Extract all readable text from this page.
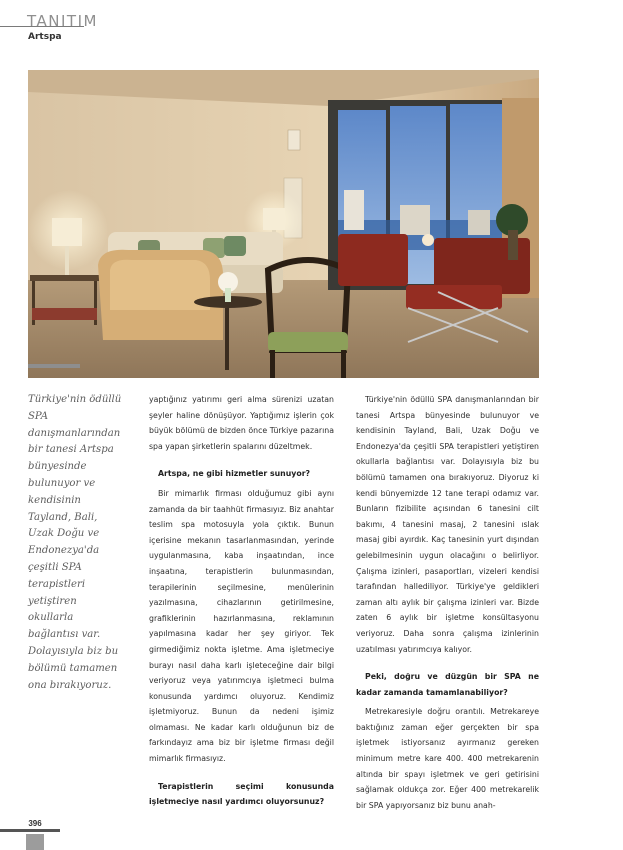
TANITIM
Artspa

Türkiye'nin ödüllü SPA danışmanlarından bir tanesi Artspa bünyesinde bulunuyor ve kendisinin Tayland, Bali, Uzak Doğu ve Endonezya'da çeşitli SPA terapistleri yetiştiren okullarla bağlantısı var. Dolayısıyla biz bu bölümü tamamen ona bırakıyoruz.

yaptığınız yatırımı geri alma sürenizi uzatan şeyler haline dönüşüyor. Yaptığımız işlerin çok büyük bölümü de bizden önce Türkiye pazarına spa yapan şirketlerin spalarını düzeltmek.

Artspa, ne gibi hizmetler sunuyor?

Bir mimarlık firması olduğumuz gibi aynı zamanda da bir taahhüt firmasıyız. Biz anahtar teslim spa motosuyla yola çıktık. Bunun içerisine mekanın tasarlanmasından, yerinde uygulanmasına, kaba inşaatından, ince inşaatına, terapistlerin bulunmasından, terapilerinin seçilmesine, menülerinin yazılmasına, cihazlarının getirilmesine, grafiklerinin hazırlanmasına, reklamının yapılmasına kadar her şey giriyor. Tek girmediğimiz nokta işletme. Ama işletmeciye burayı nasıl daha karlı işleteceğine dair bilgi veriyoruz veya yatırımcıya işletmeci bulma konusunda yardımcı oluyoruz. Kendimiz işletmiyoruz. Bunun da nedeni işimiz olmaması. Ne kadar karlı olduğunun biz de farkındayız ama biz bir işletme firması değil mimarlık firmasıyız.

Terapistlerin seçimi konusunda işletmeciye nasıl yardımcı oluyorsunuz?

Türkiye'nin ödüllü SPA danışmanlarından bir tanesi Artspa bünyesinde bulunuyor ve kendisinin Tayland, Bali, Uzak Doğu ve Endonezya'da çeşitli SPA terapistleri yetiştiren okullarla bağlantısı var. Dolayısıyla biz bu bölümü tamamen ona bırakıyoruz. Diyoruz ki kendi bünyemizde 12 tane terapi odamız var. Bunların fizibilite açısından 6 tanesini cilt bakımı, 4 tanesini masaj, 2 tanesini ıslak masaj gibi ayırdık. Kaç tanesinin yurt dışından gelebilmesinin uygun olacağını o belirliyor. Çalışma izinleri, pasaportları, vizeleri kendisi tarafından hallediliyor. Türkiye'ye geldikleri zaman altı aylık bir çalışma izinleri var. Bizde zaten 6 aylık bir işletme konsültasyonu veriyoruz. Daha sonra çalışma izinlerinin uzatılması yatırımcıya kalıyor.

Peki, doğru ve düzgün bir SPA ne kadar zamanda tamamlanabiliyor?

Metrekaresiyle doğru orantılı. Metrekareye baktığınız zaman eğer gerçekten bir spa işletmek istiyorsanız ayırmanız gereken minimum metre kare 400. 400 metrekarenin altında bir spayı işletmek ve geri getirisini sağlamak oldukça zor. Eğer 400 metrekarelik bir SPA yapıyorsanız biz bunu anah-

396
